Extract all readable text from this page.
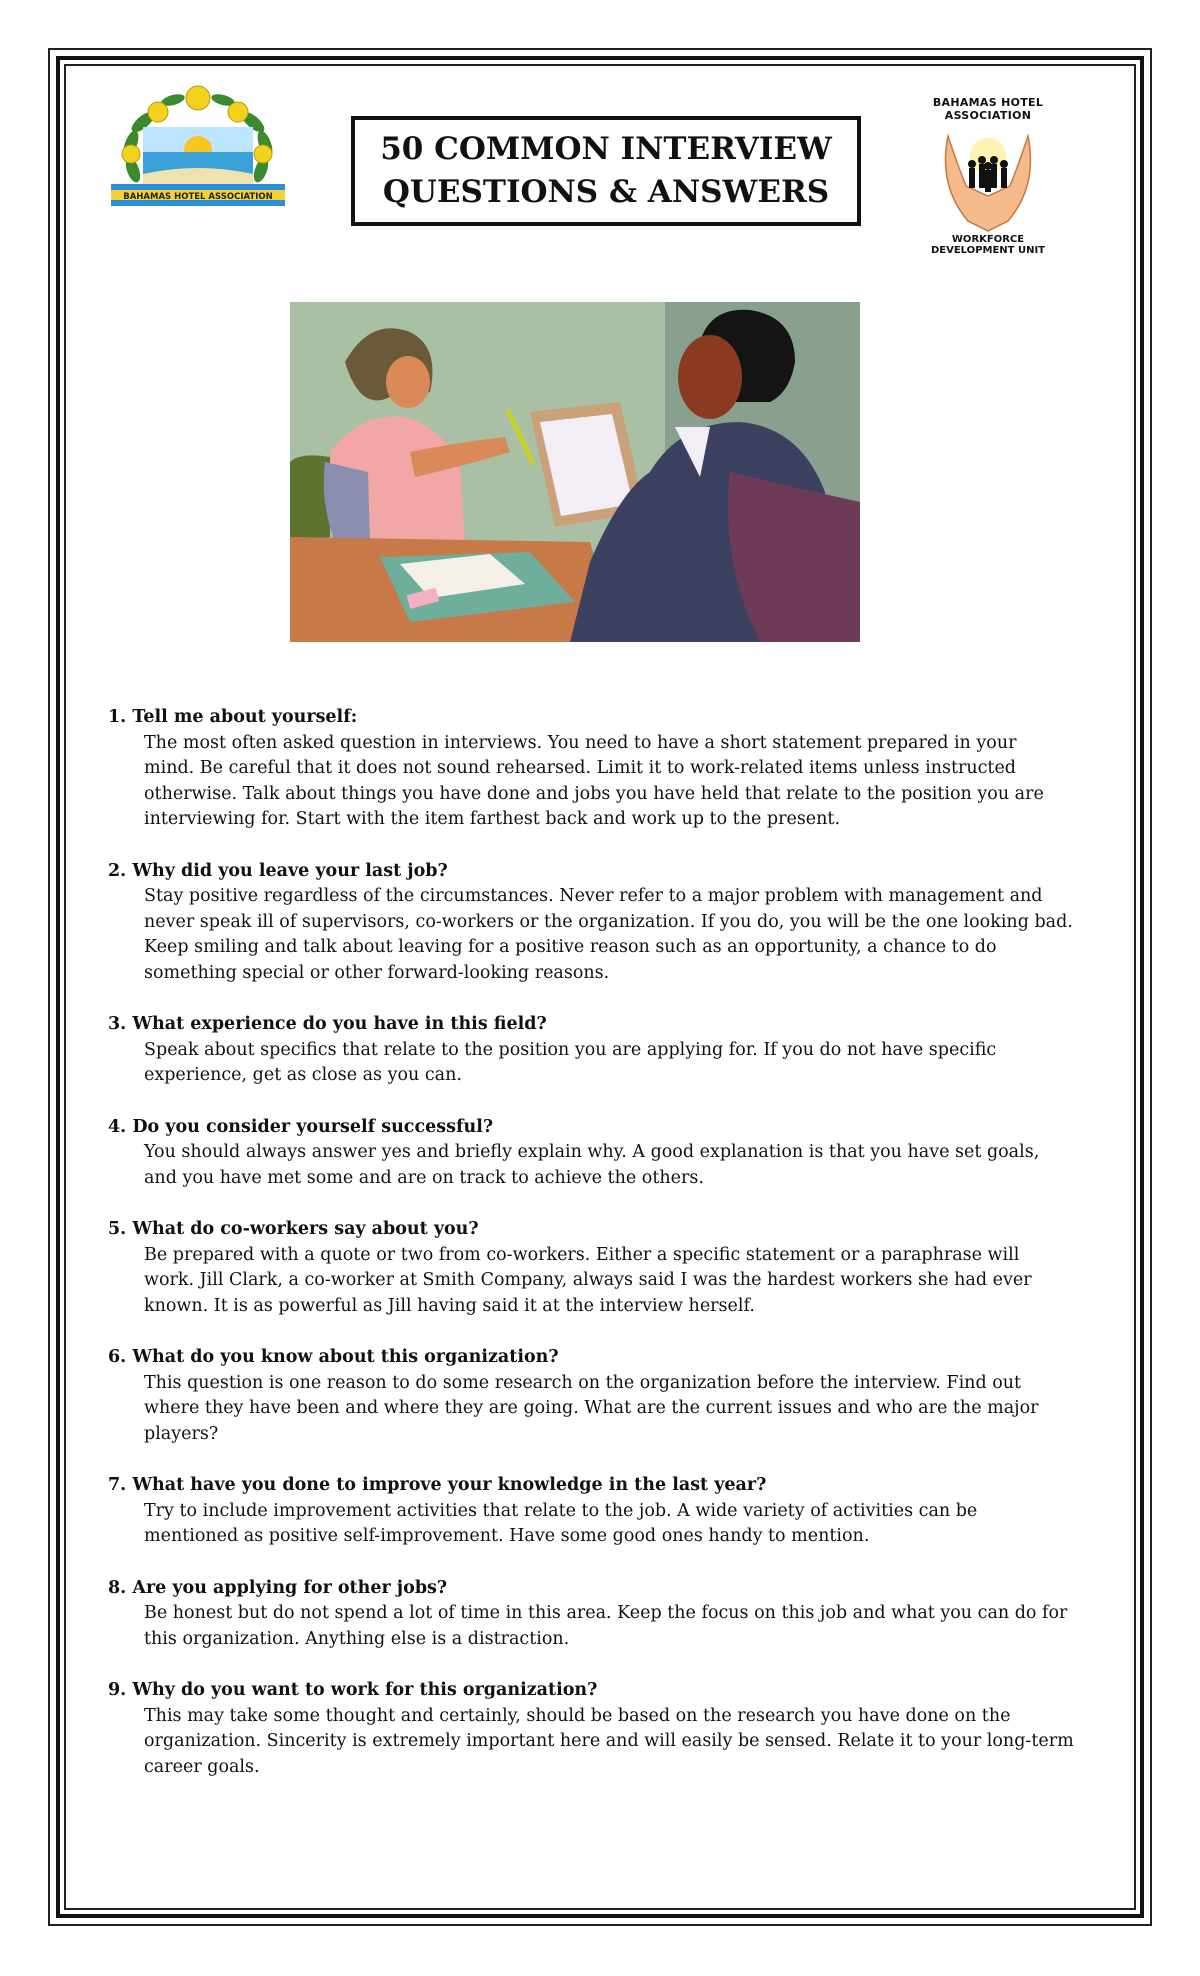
BAHAMAS HOTEL ASSOCIATION
50 COMMON INTERVIEW
QUESTIONS & ANSWERS
BAHAMAS HOTEL ASSOCIATION
WORKFORCE DEVELOPMENT UNIT
1. Tell me about yourself:
The most often asked question in interviews. You need to have a short statement prepared in your
mind. Be careful that it does not sound rehearsed. Limit it to work-related items unless instructed
otherwise. Talk about things you have done and jobs you have held that relate to the position you are
interviewing for. Start with the item farthest back and work up to the present.
2. Why did you leave your last job?
Stay positive regardless of the circumstances. Never refer to a major problem with management and
never speak ill of supervisors, co-workers or the organization. If you do, you will be the one looking bad.
Keep smiling and talk about leaving for a positive reason such as an opportunity, a chance to do
something special or other forward-looking reasons.
3. What experience do you have in this field?
Speak about specifics that relate to the position you are applying for. If you do not have specific
experience, get as close as you can.
4. Do you consider yourself successful?
You should always answer yes and briefly explain why. A good explanation is that you have set goals,
and you have met some and are on track to achieve the others.
5. What do co-workers say about you?
Be prepared with a quote or two from co-workers. Either a specific statement or a paraphrase will
work. Jill Clark, a co-worker at Smith Company, always said I was the hardest workers she had ever
known. It is as powerful as Jill having said it at the interview herself.
6. What do you know about this organization?
This question is one reason to do some research on the organization before the interview. Find out
where they have been and where they are going. What are the current issues and who are the major
players?
7. What have you done to improve your knowledge in the last year?
Try to include improvement activities that relate to the job. A wide variety of activities can be
mentioned as positive self-improvement. Have some good ones handy to mention.
8. Are you applying for other jobs?
Be honest but do not spend a lot of time in this area. Keep the focus on this job and what you can do for
this organization. Anything else is a distraction.
9. Why do you want to work for this organization?
This may take some thought and certainly, should be based on the research you have done on the
organization. Sincerity is extremely important here and will easily be sensed. Relate it to your long-term
career goals.
